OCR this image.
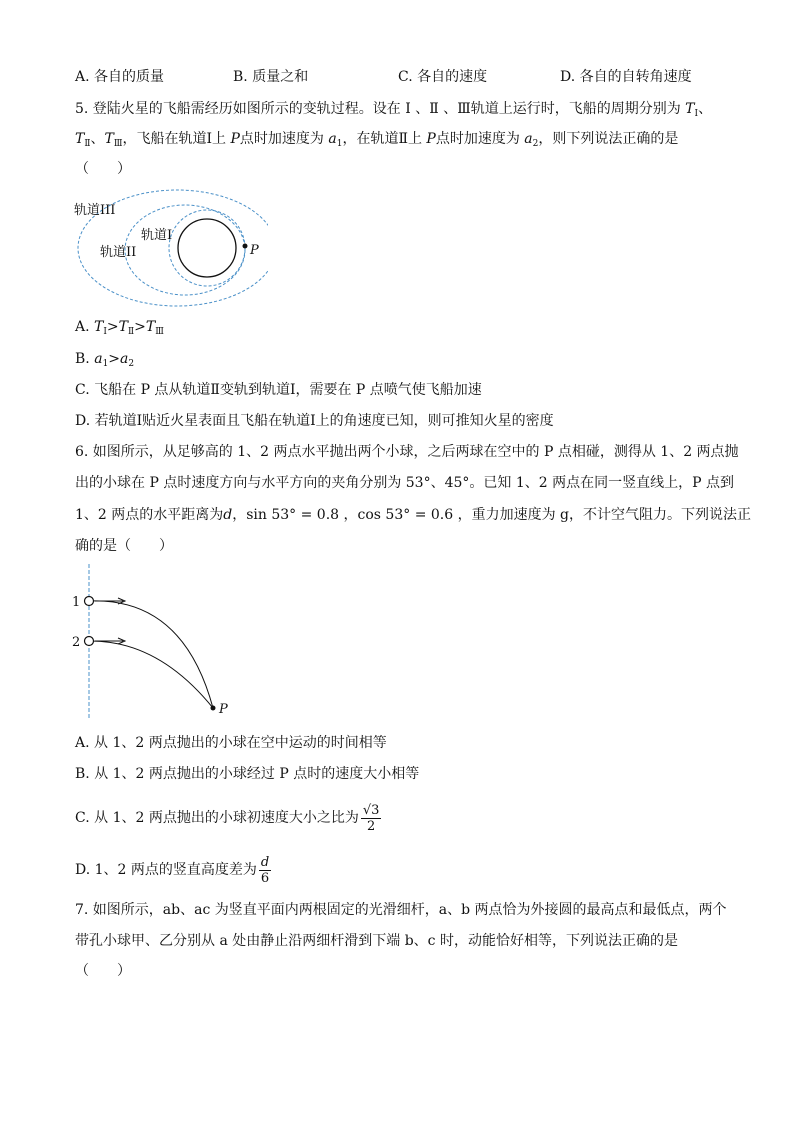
A. 各自的质量	B. 质量之和	C. 各自的速度	D. 各自的自转角速度
5. 登陆火星的飞船需经历如图所示的变轨过程。设在 Ⅰ 、Ⅱ 、Ⅲ轨道上运行时，飞船的周期分别为 $T_Ⅰ$、
$T_Ⅱ$、$T_Ⅲ$，飞船在轨道Ⅰ上 P点时加速度为 $a_1$，在轨道Ⅱ上 P点时加速度为 $a_2$，则下列说法正确的是
（　　）
轨道III
轨道II
轨道I
P
A. $T_Ⅰ>T_Ⅱ>T_Ⅲ$
B. $a_1>a_2$
C. 飞船在 P 点从轨道Ⅱ变轨到轨道Ⅰ，需要在 P 点喷气使飞船加速
D. 若轨道Ⅰ贴近火星表面且飞船在轨道Ⅰ上的角速度已知，则可推知火星的密度
6. 如图所示，从足够高的 1、2 两点水平抛出两个小球，之后两球在空中的 P 点相碰，测得从 1、2 两点抛
出的小球在 P 点时速度方向与水平方向的夹角分别为 53°、45°。已知 1、2 两点在同一竖直线上，P 点到
1、2 两点的水平距离为d，sin 53° = 0.8 ，cos 53° = 0.6 ，重力加速度为 g，不计空气阻力。下列说法正
确的是（　　）
1
2
P
A. 从 1、2 两点抛出的小球在空中运动的时间相等
B. 从 1、2 两点抛出的小球经过 P 点时的速度大小相等
C. 从 1、2 两点抛出的小球初速度大小之比为 $\frac{√3}{2}$
D. 1、2 两点的竖直高度差为 $\frac{d}{6}$
7. 如图所示，ab、ac 为竖直平面内两根固定的光滑细杆，a、b 两点恰为外接圆的最高点和最低点，两个
带孔小球甲、乙分别从 a 处由静止沿两细杆滑到下端 b、c 时，动能恰好相等，下列说法正确的是
（　　）
